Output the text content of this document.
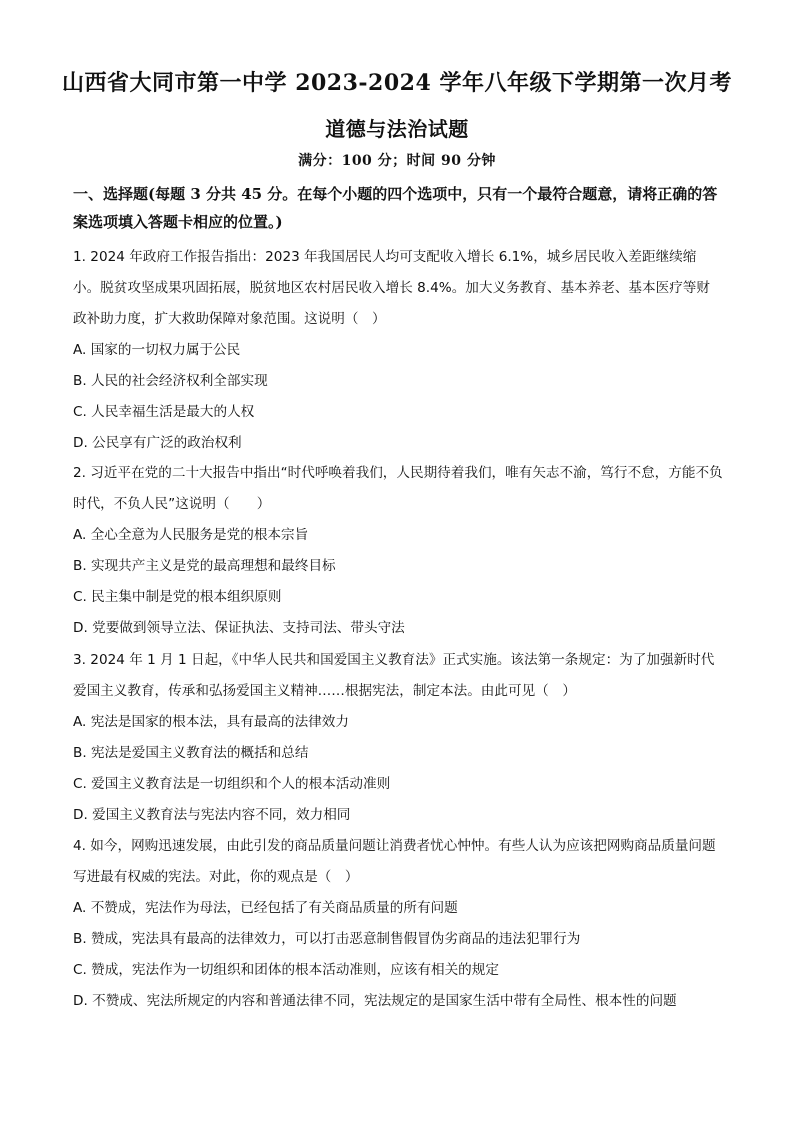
山西省大同市第一中学 2023-2024 学年八年级下学期第一次月考
道德与法治试题
满分：100 分；时间 90 分钟
一、选择题(每题 3 分共 45 分。在每个小题的四个选项中，只有一个最符合题意，请将正确的答案选项填入答题卡相应的位置。)

1. 2024 年政府工作报告指出：2023 年我国居民人均可支配收入增长 6.1%，城乡居民收入差距继续缩小。脱贫攻坚成果巩固拓展，脱贫地区农村居民收入增长 8.4%。加大义务教育、基本养老、基本医疗等财政补助力度，扩大救助保障对象范围。这说明（　）

A. 国家的一切权力属于公民

B. 人民的社会经济权利全部实现

C. 人民幸福生活是最大的人权

D. 公民享有广泛的政治权利

2. 习近平在党的二十大报告中指出“时代呼唤着我们，人民期待着我们，唯有矢志不渝，笃行不怠，方能不负时代，不负人民”这说明（　　）

A. 全心全意为人民服务是党的根本宗旨

B. 实现共产主义是党的最高理想和最终目标

C. 民主集中制是党的根本组织原则

D. 党要做到领导立法、保证执法、支持司法、带头守法

3. 2024 年 1 月 1 日起，《中华人民共和国爱国主义教育法》正式实施。该法第一条规定：为了加强新时代爱国主义教育，传承和弘扬爱国主义精神……根据宪法，制定本法。由此可见（　）

A. 宪法是国家的根本法，具有最高的法律效力

B. 宪法是爱国主义教育法的概括和总结

C. 爱国主义教育法是一切组织和个人的根本活动准则

D. 爱国主义教育法与宪法内容不同，效力相同

4. 如今，网购迅速发展，由此引发的商品质量问题让消费者忧心忡忡。有些人认为应该把网购商品质量问题写进最有权威的宪法。对此，你的观点是（　）

A. 不赞成，宪法作为母法，已经包括了有关商品质量的所有问题

B. 赞成，宪法具有最高的法律效力，可以打击恶意制售假冒伪劣商品的违法犯罪行为

C. 赞成，宪法作为一切组织和团体的根本活动准则，应该有相关的规定

D. 不赞成、宪法所规定的内容和普通法律不同，宪法规定的是国家生活中带有全局性、根本性的问题
